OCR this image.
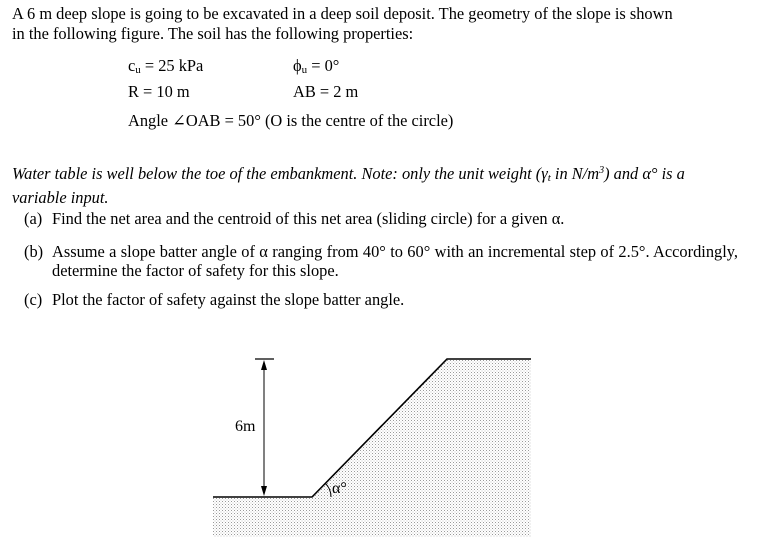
A 6 m deep slope is going to be excavated in a deep soil deposit. The geometry of the slope is shown
in the following figure. The soil has the following properties:

cu = 25 kPa	ϕu = 0°
R = 10 m	AB = 2 m
Angle ∠OAB = 50° (O is the centre of the circle)

Water table is well below the toe of the embankment. Note: only the unit weight (γt in $N/m^3$) and α° is a
variable input.

(a) Find the net area and the centroid of this net area (sliding circle) for a given α.

(b) Assume a slope batter angle of α ranging from 40° to 60° with an incremental step of 2.5°. Accordingly, determine the factor of safety for this slope.

(c) Plot the factor of safety against the slope batter angle.

6m
α°
